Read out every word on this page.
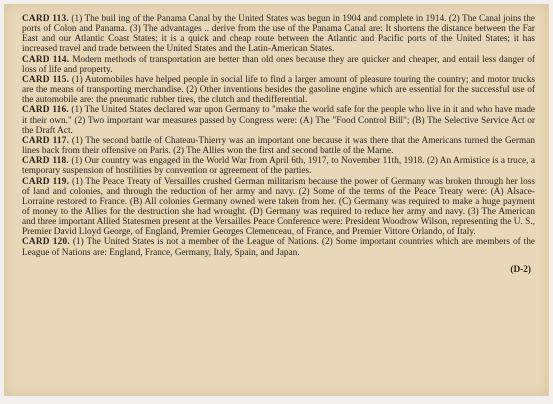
CARD 113. (1) The buil ing of the Panama Canal by the United States was begun in 1904 and complete in 1914. (2) The Canal joins the ports of Colon and Panama. (3) The advantages .. derive from the use of the Panama Canal are: It shortens the distance between the Far East and our Atlantic Coast States; it is a quick and cheap route between the Atlantic and Pacific ports of the United States; it has increased travel and trade between the United States and the Latin-American States.

CARD 114. Modern methods of transportation are better than old ones because they are quicker and cheaper, and entail less danger of loss of life and property.

CARD 115. (1) Automobiles have helped people in social life to find a larger amount of pleasure touring the country; and motor trucks are the means of transporting merchandise. (2) Other inventions besides the gasoline engine which are essential for the successful use of the automobile are: the pneumatic rubber tires, the clutch and thedifferential.

CARD 116. (1) The United States declared war upon Germany to "make the world safe for the people who live in it and who have made it their own." (2) Two important war measures passed by Congress were: (A) The "Food Control Bill"; (B) The Selective Service Act or the Draft Act.

CARD 117. (1) The second battle of Chateau-Thierry was an important one because it was there that the Americans turned the German lines back from their offensive on Paris. (2) The Allies won the first and second battle of the Marne.

CARD 118. (1) Our country was engaged in the World War from April 6th, 1917, to November 11th, 1918. (2) An Armistice is a truce, a temporary suspension of hostilities by convention or agreement of the parties.

CARD 119. (1) The Peace Treaty of Versailles crushed German militarism because the power of Germany was broken through her loss of land and colonies, and through the reduction of her army and navy. (2) Some of the terms of the Peace Treaty were: (A) Alsace-Lorraine restored to France. (B) All colonies Germany owned were taken from her. (C) Germany was required to make a huge payment of money to the Allies for the destruction she had wrought. (D) Germany was required to reduce her army and navy. (3) The American and three important Allied Statesmen present at the Versailles Peace Conference were: President Woodrow Wilson, representing the U. S., Premier David Lloyd George, of England, Premier Georges Clemenceau, of France, and Premier Vittore Orlando, of Italy.

CARD 120. (1) The United States is not a member of the League of Nations. (2) Some important countries which are members of the League of Nations are: England, France, Germany, Italy, Spain, and Japan.

(D-2)
